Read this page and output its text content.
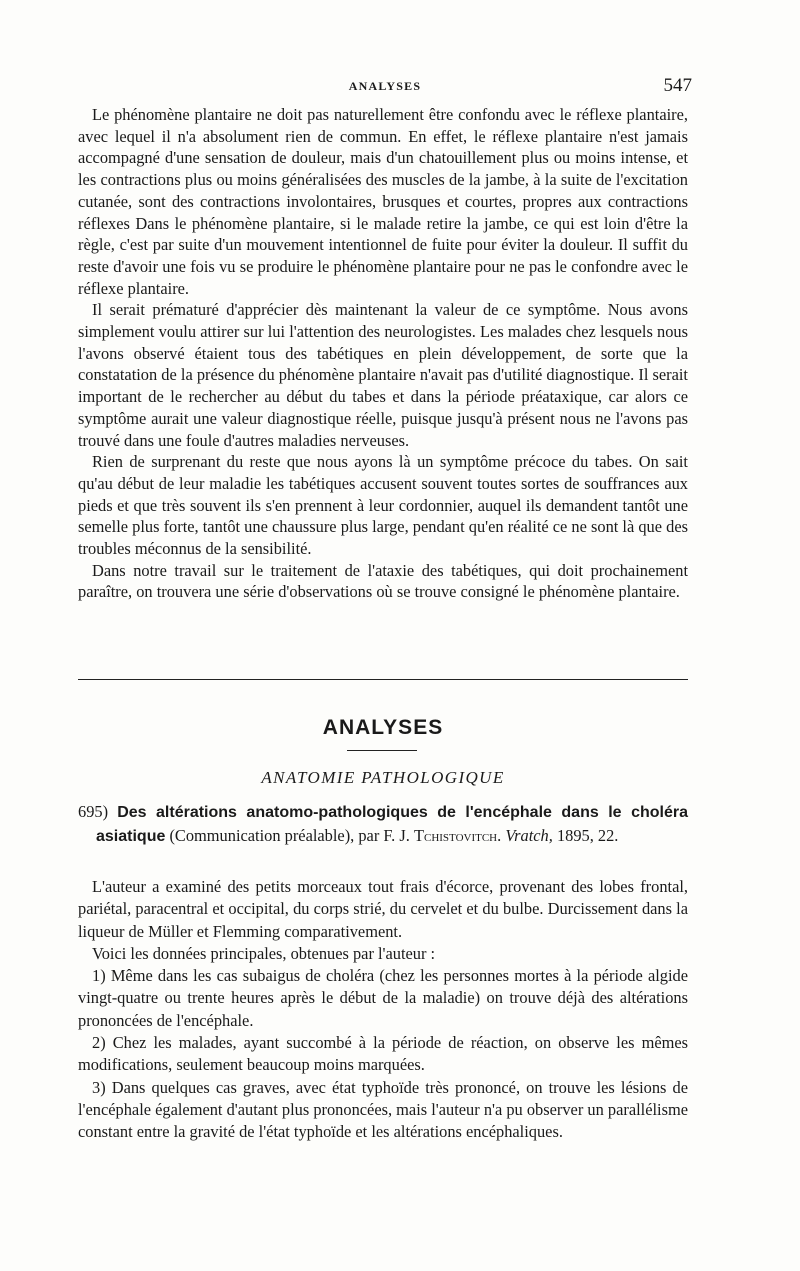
ANALYSES	547

Le phénomène plantaire ne doit pas naturellement être confondu avec le réflexe plantaire, avec lequel il n'a absolument rien de commun. En effet, le réflexe plantaire n'est jamais accompagné d'une sensation de douleur, mais d'un chatouillement plus ou moins intense, et les contractions plus ou moins généralisées des muscles de la jambe, à la suite de l'excitation cutanée, sont des contractions involontaires, brusques et courtes, propres aux contractions réflexes Dans le phénomène plantaire, si le malade retire la jambe, ce qui est loin d'être la règle, c'est par suite d'un mouvement intentionnel de fuite pour éviter la douleur. Il suffit du reste d'avoir une fois vu se produire le phénomène plantaire pour ne pas le confondre avec le réflexe plantaire.

Il serait prématuré d'apprécier dès maintenant la valeur de ce symptôme. Nous avons simplement voulu attirer sur lui l'attention des neurologistes. Les malades chez lesquels nous l'avons observé étaient tous des tabétiques en plein développement, de sorte que la constatation de la présence du phénomène plantaire n'avait pas d'utilité diagnostique. Il serait important de le rechercher au début du tabes et dans la période préataxique, car alors ce symptôme aurait une valeur diagnostique réelle, puisque jusqu'à présent nous ne l'avons pas trouvé dans une foule d'autres maladies nerveuses.

Rien de surprenant du reste que nous ayons là un symptôme précoce du tabes. On sait qu'au début de leur maladie les tabétiques accusent souvent toutes sortes de souffrances aux pieds et que très souvent ils s'en prennent à leur cordonnier, auquel ils demandent tantôt une semelle plus forte, tantôt une chaussure plus large, pendant qu'en réalité ce ne sont là que des troubles méconnus de la sensibilité.

Dans notre travail sur le traitement de l'ataxie des tabétiques, qui doit prochainement paraître, on trouvera une série d'observations où se trouve consigné le phénomène plantaire.

ANALYSES
ANATOMIE PATHOLOGIQUE
695) Des altérations anatomo-pathologiques de l'encéphale dans le choléra asiatique (Communication préalable), par F. J. Tchistovitch. Vratch, 1895, 22.

L'auteur a examiné des petits morceaux tout frais d'écorce, provenant des lobes frontal, pariétal, paracentral et occipital, du corps strié, du cervelet et du bulbe. Durcissement dans la liqueur de Müller et Flemming comparativement.

Voici les données principales, obtenues par l'auteur :

1) Même dans les cas subaigus de choléra (chez les personnes mortes à la période algide vingt-quatre ou trente heures après le début de la maladie) on trouve déjà des altérations prononcées de l'encéphale.

2) Chez les malades, ayant succombé à la période de réaction, on observe les mêmes modifications, seulement beaucoup moins marquées.

3) Dans quelques cas graves, avec état typhoïde très prononcé, on trouve les lésions de l'encéphale également d'autant plus prononcées, mais l'auteur n'a pu observer un parallélisme constant entre la gravité de l'état typhoïde et les altérations encéphaliques.
